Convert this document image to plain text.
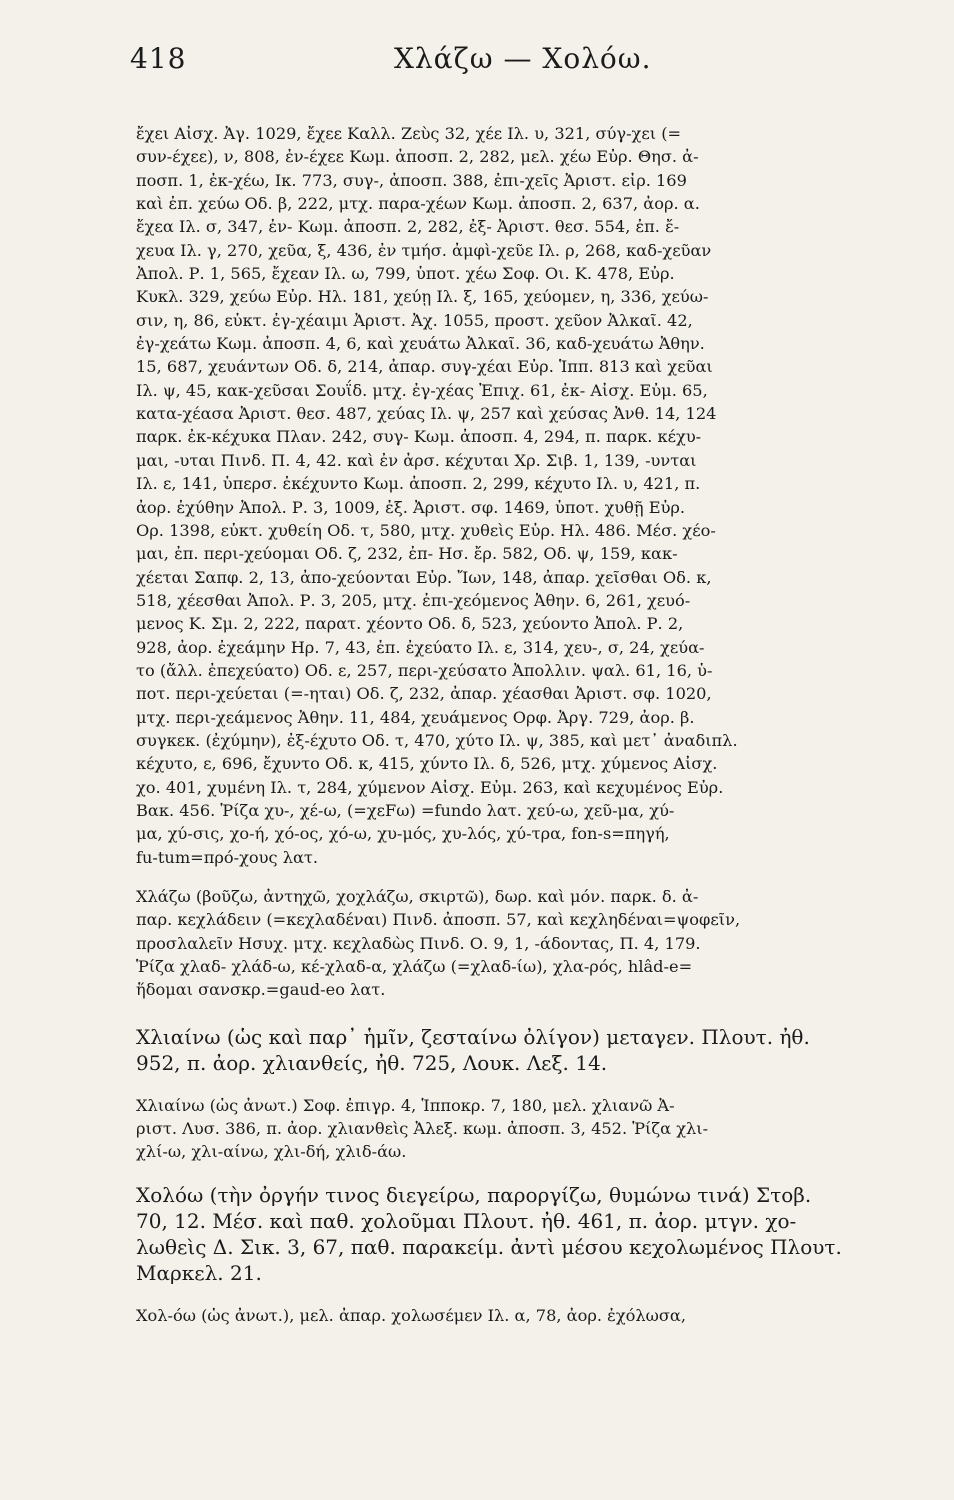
418	Χλάζω — Χολόω.
ἔχει Αἰσχ. Ἀγ. 1029, ἔχεε Καλλ. Ζεὺς 32, χέε Ιλ. υ, 321, σύγ-χει (=
συν-έχεε), ν, 808, ἐν-έχεε Κωμ. ἀποσπ. 2, 282, μελ. χέω Εὐρ. Θησ. ἀ-
ποσπ. 1, ἐκ-χέω, Ικ. 773, συγ-, ἀποσπ. 388, ἐπι-χεῖς Ἀριστ. εἰρ. 169
καὶ ἐπ. χεύω Οδ. β, 222, μτχ. παρα-χέων Κωμ. ἀποσπ. 2, 637, ἀορ. α.
ἔχεα Ιλ. σ, 347, ἐν- Κωμ. ἀποσπ. 2, 282, ἐξ- Ἀριστ. θεσ. 554, ἐπ. ἔ-
χευα Ιλ. γ, 270, χεῦα, ξ, 436, ἐν τμήσ. ἀμφὶ-χεῦε Ιλ. ρ, 268, καδ-χεῦαν
Ἀπολ. Ρ. 1, 565, ἔχεαν Ιλ. ω, 799, ὑποτ. χέω Σοφ. Οι. Κ. 478, Εὐρ.
Κυκλ. 329, χεύω Εὐρ. Ηλ. 181, χεύῃ Ιλ. ξ, 165, χεύομεν, η, 336, χεύω-
σιν, η, 86, εὐκτ. ἐγ-χέαιμι Ἀριστ. Ἀχ. 1055, προστ. χεῦον Ἀλκαῖ. 42,
ἐγ-χεάτω Κωμ. ἀποσπ. 4, 6, καὶ χευάτω Ἀλκαῖ. 36, καδ-χευάτω Ἀθην.
15, 687, χευάντων Οδ. δ, 214, ἀπαρ. συγ-χέαι Εὐρ. Ἱππ. 813 καὶ χεῦαι
Ιλ. ψ, 45, κακ-χεῦσαι Σουΐδ. μτχ. ἐγ-χέας Ἐπιχ. 61, ἐκ- Αἰσχ. Εὐμ. 65,
κατα-χέασα Ἀριστ. θεσ. 487, χεύας Ιλ. ψ, 257 καὶ χεύσας Ἀνθ. 14, 124
παρκ. ἐκ-κέχυκα Πλαν. 242, συγ- Κωμ. ἀποσπ. 4, 294, π. παρκ. κέχυ-
μαι, -υται Πινδ. Π. 4, 42. καὶ ἐν ἀρσ. κέχυται Χρ. Σιβ. 1, 139, -υνται
Ιλ. ε, 141, ὑπερσ. ἐκέχυντο Κωμ. ἀποσπ. 2, 299, κέχυτο Ιλ. υ, 421, π.
ἀορ. ἐχύθην Ἀπολ. Ρ. 3, 1009, ἐξ. Ἀριστ. σφ. 1469, ὑποτ. χυθῇ Εὐρ.
Ορ. 1398, εὐκτ. χυθείη Οδ. τ, 580, μτχ. χυθεὶς Εὐρ. Ηλ. 486. Μέσ. χέο-
μαι, ἐπ. περι-χεύομαι Οδ. ζ, 232, ἐπ- Ησ. ἔρ. 582, Οδ. ψ, 159, κακ-
χέεται Σαπφ. 2, 13, ἀπο-χεύονται Εὐρ. Ἴων, 148, ἀπαρ. χεῖσθαι Οδ. κ,
518, χέεσθαι Ἀπολ. Ρ. 3, 205, μτχ. ἐπι-χεόμενος Ἀθην. 6, 261, χευό-
μενος Κ. Σμ. 2, 222, παρατ. χέοντο Οδ. δ, 523, χεύοντο Ἀπολ. Ρ. 2,
928, ἀορ. ἐχεάμην Ηρ. 7, 43, ἐπ. ἐχεύατο Ιλ. ε, 314, χευ-, σ, 24, χεύα-
το (ἄλλ. ἐπεχεύατο) Οδ. ε, 257, περι-χεύσατο Ἀπολλιν. ψαλ. 61, 16, ὑ-
ποτ. περι-χεύεται (=-ηται) Οδ. ζ, 232, ἀπαρ. χέασθαι Ἀριστ. σφ. 1020,
μτχ. περι-χεάμενος Ἀθην. 11, 484, χευάμενος Ορφ. Ἀργ. 729, ἀορ. β.
συγκεκ. (ἐχύμην), ἐξ-έχυτο Οδ. τ, 470, χύτο Ιλ. ψ, 385, καὶ μετ᾿ ἀναδιπλ.
κέχυτο, ε, 696, ἔχυντο Οδ. κ, 415, χύντο Ιλ. δ, 526, μτχ. χύμενος Αἰσχ.
χο. 401, χυμένη Ιλ. τ, 284, χύμενον Αἰσχ. Εὐμ. 263, καὶ κεχυμένος Εὐρ.
Βακ. 456. Ῥίζα χυ-, χέ-ω, (=χεFω) =fundo λατ. χεύ-ω, χεῦ-μα, χύ-
μα, χύ-σις, χο-ή, χό-ος, χό-ω, χυ-μός, χυ-λός, χύ-τρα, fon-s=πηγή,
fu-tum=πρό-χους λατ.
Χλάζω (βοῦζω, ἀντηχῶ, χοχλάζω, σκιρτῶ), δωρ. καὶ μόν. παρκ. δ. ἀ-
παρ. κεχλάδειν (=κεχλαδέναι) Πινδ. ἀποσπ. 57, καὶ κεχληδέναι=ψοφεῖν,
προσλαλεῖν Ησυχ. μτχ. κεχλαδὼς Πινδ. Ο. 9, 1, -άδοντας, Π. 4, 179.
Ῥίζα χλαδ- χλάδ-ω, κέ-χλαδ-α, χλάζω (=χλαδ-ίω), χλα-ρός, hlâd-e=
ἥδομαι σανσκρ.=gaud-eo λατ.
Χλιαίνω (ὡς καὶ παρ᾿ ἡμῖν, ζεσταίνω ὀλίγον) μεταγεν. Πλουτ. ἠθ.
952, π. ἀορ. χλιανθείς, ἠθ. 725, Λουκ. Λεξ. 14.
Χλιαίνω (ὡς ἀνωτ.) Σοφ. ἐπιγρ. 4, Ἱπποκρ. 7, 180, μελ. χλιανῶ Ἀ-
ριστ. Λυσ. 386, π. ἀορ. χλιανθεὶς Ἀλεξ. κωμ. ἀποσπ. 3, 452. Ῥίζα χλι-
χλί-ω, χλι-αίνω, χλι-δή, χλιδ-άω.
Χολόω (τὴν ὀργήν τινος διεγείρω, παροργίζω, θυμώνω τινά) Στοβ.
70, 12. Μέσ. καὶ παθ. χολοῦμαι Πλουτ. ἠθ. 461, π. ἀορ. μτγν. χο-
λωθεὶς Δ. Σικ. 3, 67, παθ. παρακείμ. ἀντὶ μέσου κεχολωμένος Πλουτ.
Μαρκελ. 21.
Χολ-όω (ὡς ἀνωτ.), μελ. ἀπαρ. χολωσέμεν Ιλ. α, 78, ἀορ. ἐχόλωσα,
